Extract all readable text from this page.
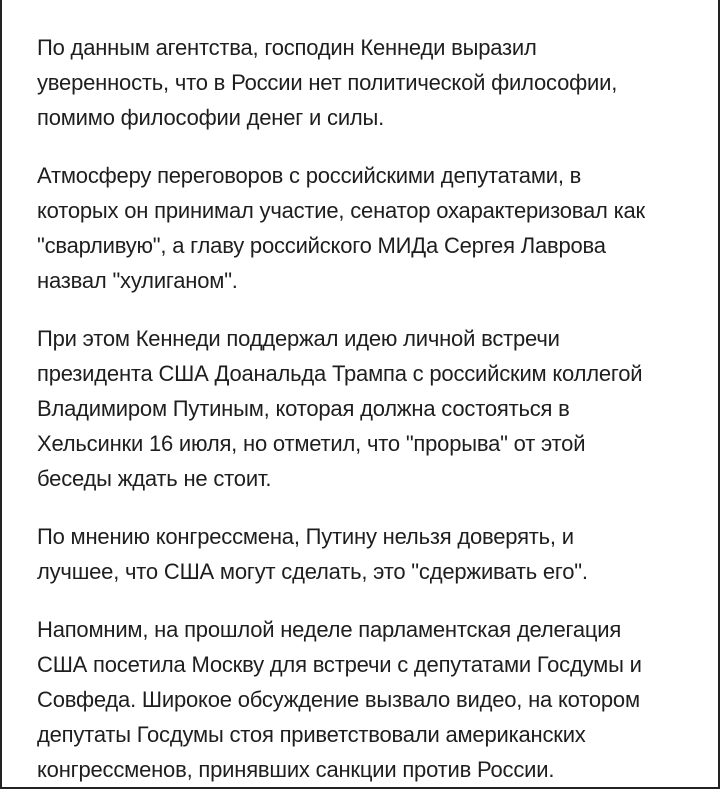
По данным агентства, господин Кеннеди выразил
уверенность, что в России нет политической философии,
помимо философии денег и силы.

Атмосферу переговоров с российскими депутатами, в
которых он принимал участие, сенатор охарактеризовал как
"сварливую", а главу российского МИДа Сергея Лаврова
назвал "хулиганом".

При этом Кеннеди поддержал идею личной встречи
президента США Доанальда Трампа с российским коллегой
Владимиром Путиным, которая должна состояться в
Хельсинки 16 июля, но отметил, что "прорыва" от этой
беседы ждать не стоит.

По мнению конгрессмена, Путину нельзя доверять, и
лучшее, что США могут сделать, это "сдерживать его".

Напомним, на прошлой неделе парламентская делегация
США посетила Москву для встречи с депутатами Госдумы и
Совфеда. Широкое обсуждение вызвало видео, на котором
депутаты Госдумы стоя приветствовали американских
конгрессменов, принявших санкции против России.
